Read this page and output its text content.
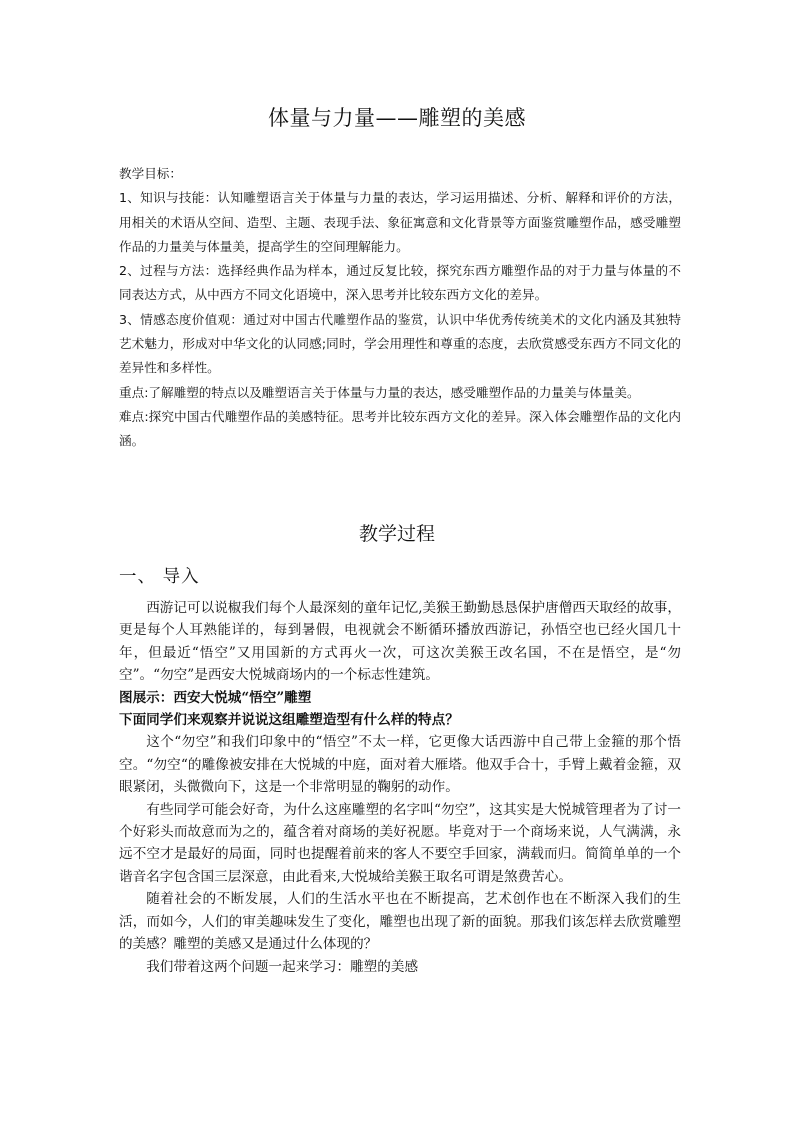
体量与力量——雕塑的美感

教学目标：

1、知识与技能：认知雕塑语言关于体量与力量的表达，学习运用描述、分析、解释和评价的方法，用相关的术语从空间、造型、主题、表现手法、象征寓意和文化背景等方面鉴赏雕塑作品，感受雕塑作品的力量美与体量美，提高学生的空间理解能力。

2、过程与方法：选择经典作品为样本，通过反复比较，探究东西方雕塑作品的对于力量与体量的不同表达方式，从中西方不同文化语境中，深入思考并比较东西方文化的差异。

3、情感态度价值观：通过对中国古代雕塑作品的鉴赏，认识中华优秀传统美术的文化内涵及其独特艺术魅力，形成对中华文化的认同感;同时，学会用理性和尊重的态度，去欣赏感受东西方不同文化的差异性和多样性。

重点:了解雕塑的特点以及雕塑语言关于体量与力量的表达，感受雕塑作品的力量美与体量美。

难点:探究中国古代雕塑作品的美感特征。思考并比较东西方文化的差异。深入体会雕塑作品的文化内涵。

教学过程
一、 导入

西游记可以说椒我们每个人最深刻的童年记忆,美猴王勤勤恳恳保护唐僧西天取经的故事，更是每个人耳熟能详的，每到暑假，电视就会不断循环播放西游记，孙悟空也已经火国几十年，但最近“悟空”又用国新的方式再火一次，可这次美猴王改名国，不在是悟空，是“勿空”。“勿空”是西安大悦城商场内的一个标志性建筑。

图展示：西安大悦城“悟空”雕塑

下面同学们来观察并说说这组雕塑造型有什么样的特点？

这个“勿空”和我们印象中的“悟空”不太一样，它更像大话西游中自己带上金箍的那个悟空。“勿空“的雕像被安排在大悦城的中庭，面对着大雁塔。他双手合十，手臂上戴着金箍，双眼紧闭，头微微向下，这是一个非常明显的鞠躬的动作。

有些同学可能会好奇，为什么这座雕塑的名字叫“勿空”，这其实是大悦城管理者为了讨一个好彩头而故意而为之的，蕴含着对商场的美好祝愿。毕竟对于一个商场来说，人气满满，永远不空才是最好的局面，同时也提醒着前来的客人不要空手回家，满载而归。简简单单的一个谐音名字包含国三层深意，由此看来,大悦城给美猴王取名可谓是煞费苦心。

随着社会的不断发展，人们的生活水平也在不断提高，艺术创作也在不断深入我们的生活，而如今，人们的审美趣味发生了变化，雕塑也出现了新的面貌。那我们该怎样去欣赏雕塑的美感？雕塑的美感又是通过什么体现的？

我们带着这两个问题一起来学习：雕塑的美感
